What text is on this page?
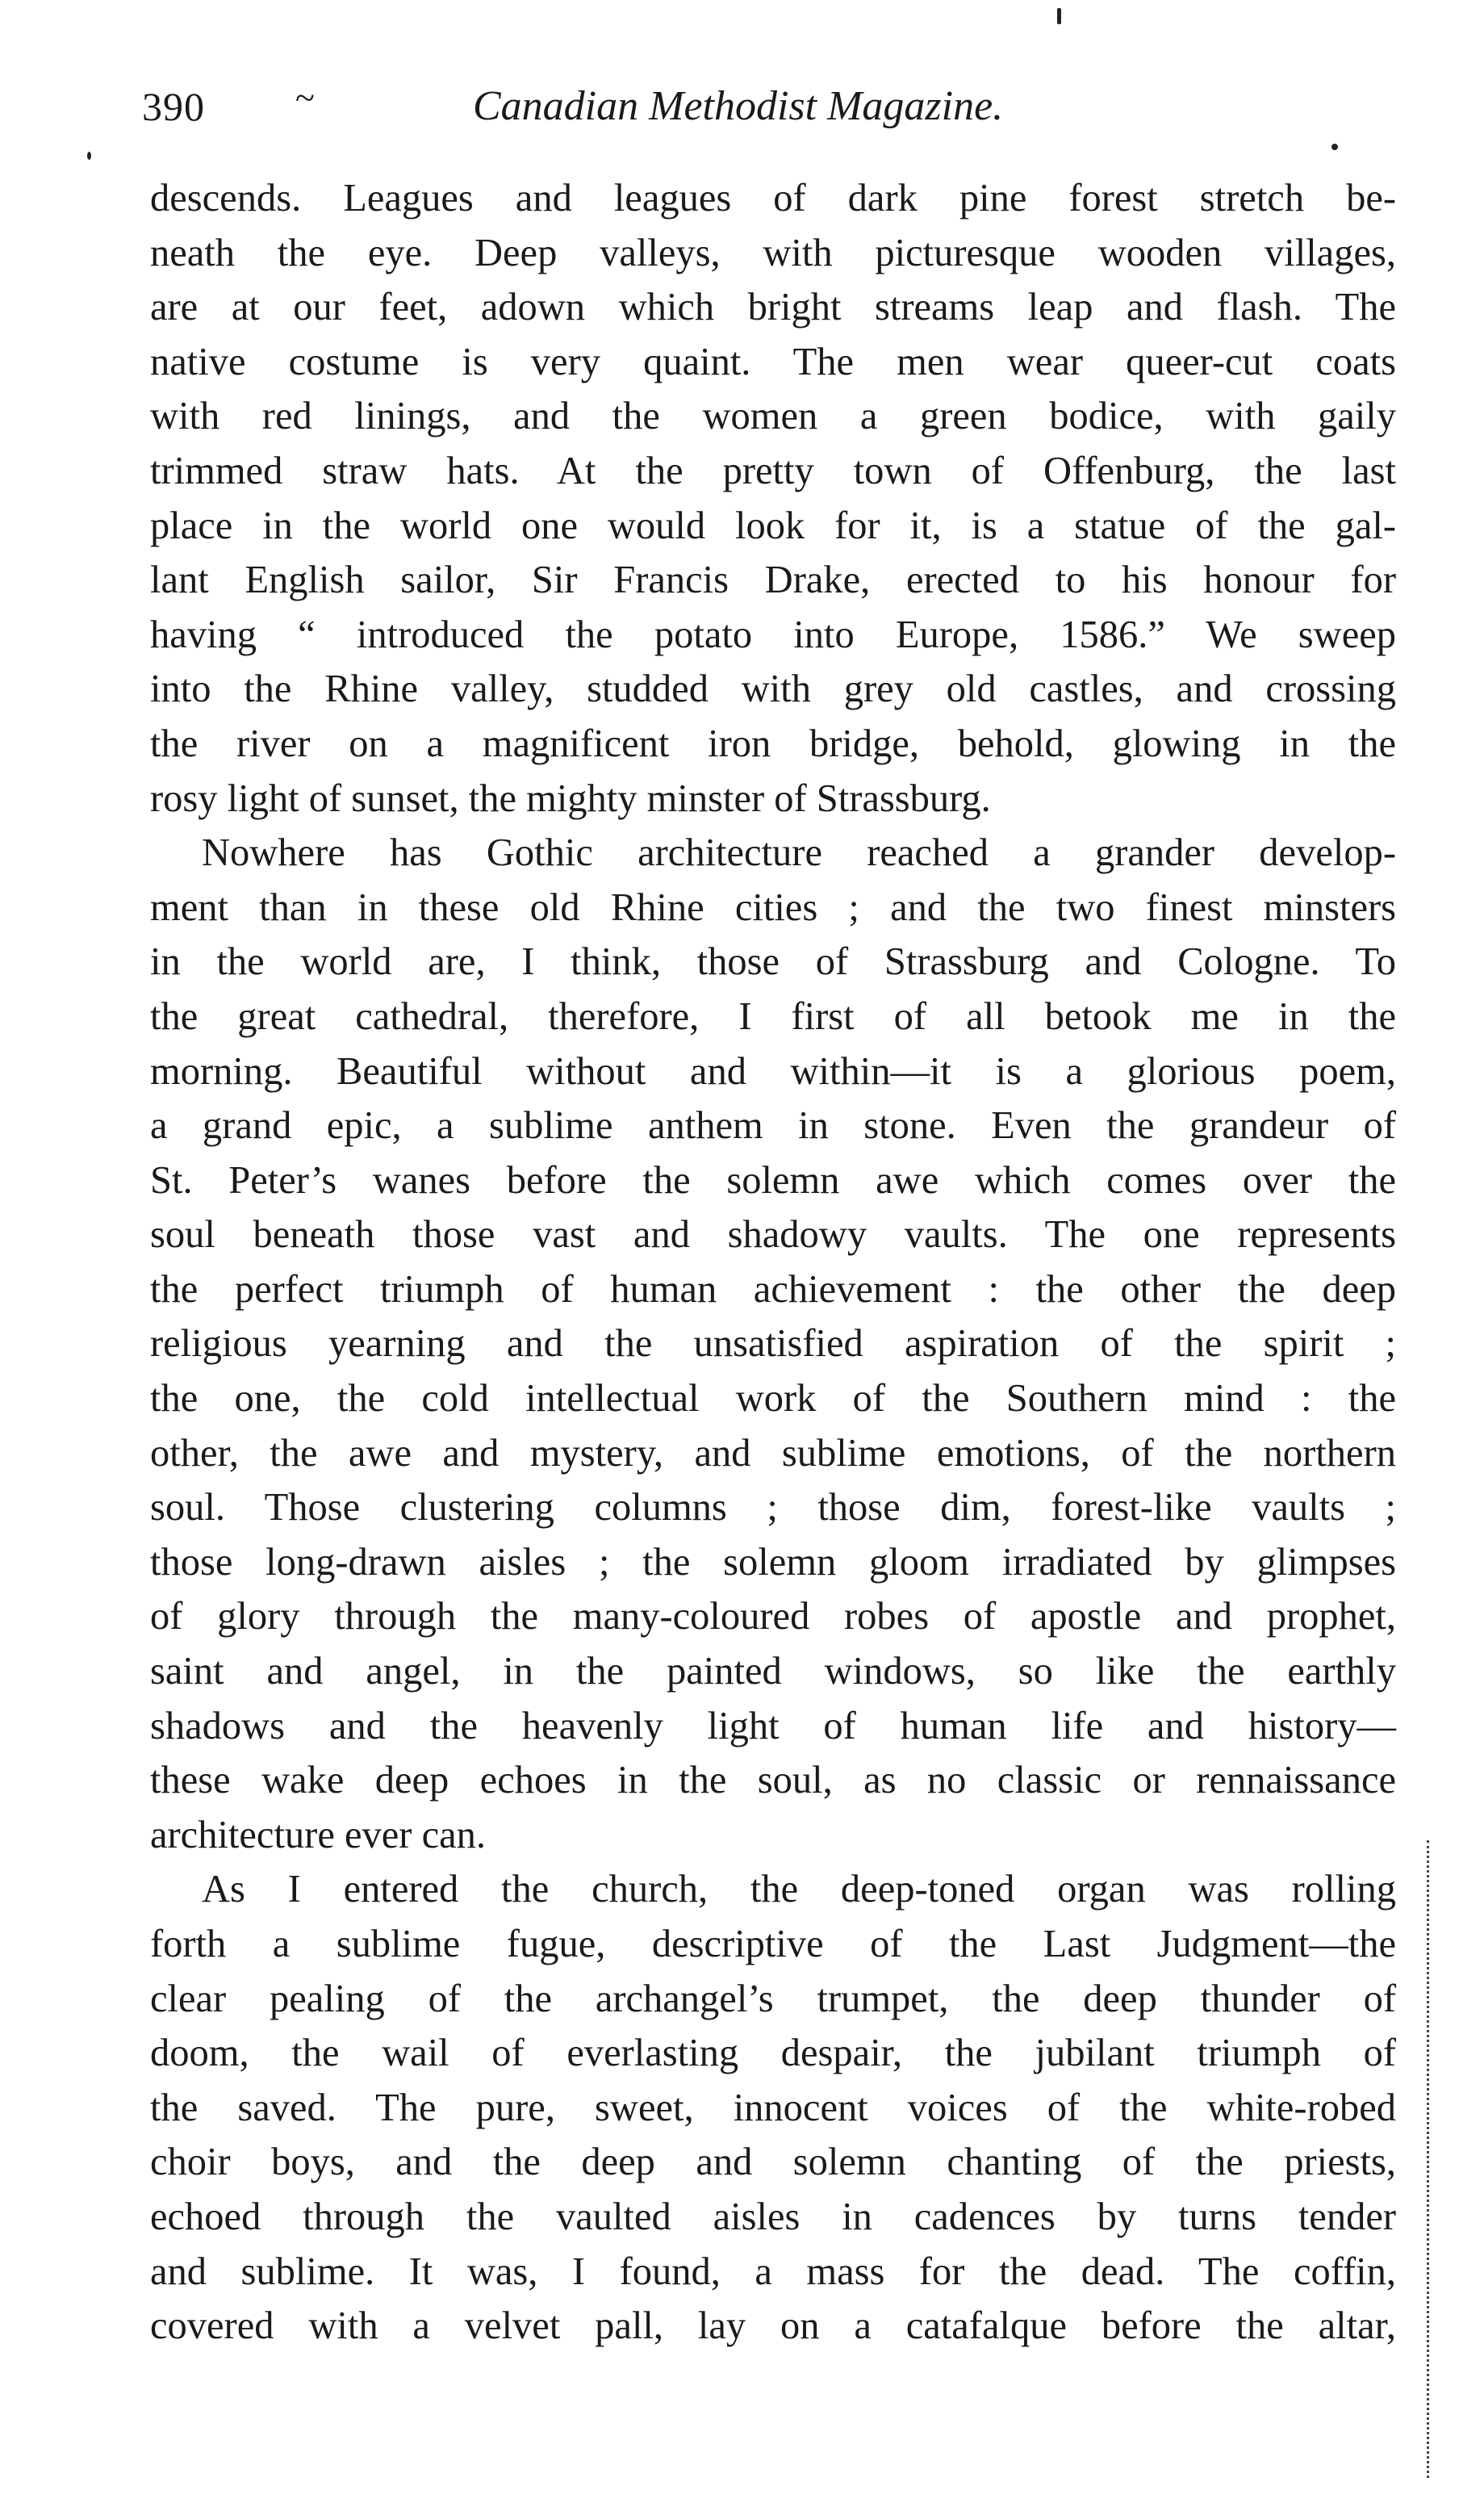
390	~	Canadian Methodist Magazine.
descends. Leagues and leagues of dark pine forest stretch be-
neath the eye. Deep valleys, with picturesque wooden villages,
are at our feet, adown which bright streams leap and flash. The
native costume is very quaint. The men wear queer-cut coats
with red linings, and the women a green bodice, with gaily
trimmed straw hats. At the pretty town of Offenburg, the last
place in the world one would look for it, is a statue of the gal-
lant English sailor, Sir Francis Drake, erected to his honour for
having “ introduced the potato into Europe, 1586.” We sweep
into the Rhine valley, studded with grey old castles, and crossing
the river on a magnificent iron bridge, behold, glowing in the
rosy light of sunset, the mighty minster of Strassburg.
Nowhere has Gothic architecture reached a grander develop-
ment than in these old Rhine cities ; and the two finest minsters
in the world are, I think, those of Strassburg and Cologne. To
the great cathedral, therefore, I first of all betook me in the
morning. Beautiful without and within—it is a glorious poem,
a grand epic, a sublime anthem in stone. Even the grandeur of
St. Peter’s wanes before the solemn awe which comes over the
soul beneath those vast and shadowy vaults. The one represents
the perfect triumph of human achievement : the other the deep
religious yearning and the unsatisfied aspiration of the spirit ;
the one, the cold intellectual work of the Southern mind : the
other, the awe and mystery, and sublime emotions, of the northern
soul. Those clustering columns ; those dim, forest-like vaults ;
those long-drawn aisles ; the solemn gloom irradiated by glimpses
of glory through the many-coloured robes of apostle and prophet,
saint and angel, in the painted windows, so like the earthly
shadows and the heavenly light of human life and history—
these wake deep echoes in the soul, as no classic or rennaissance
architecture ever can.
As I entered the church, the deep-toned organ was rolling
forth a sublime fugue, descriptive of the Last Judgment—the
clear pealing of the archangel’s trumpet, the deep thunder of
doom, the wail of everlasting despair, the jubilant triumph of
the saved. The pure, sweet, innocent voices of the white-robed
choir boys, and the deep and solemn chanting of the priests,
echoed through the vaulted aisles in cadences by turns tender
and sublime. It was, I found, a mass for the dead. The coffin,
covered with a velvet pall, lay on a catafalque before the altar,
